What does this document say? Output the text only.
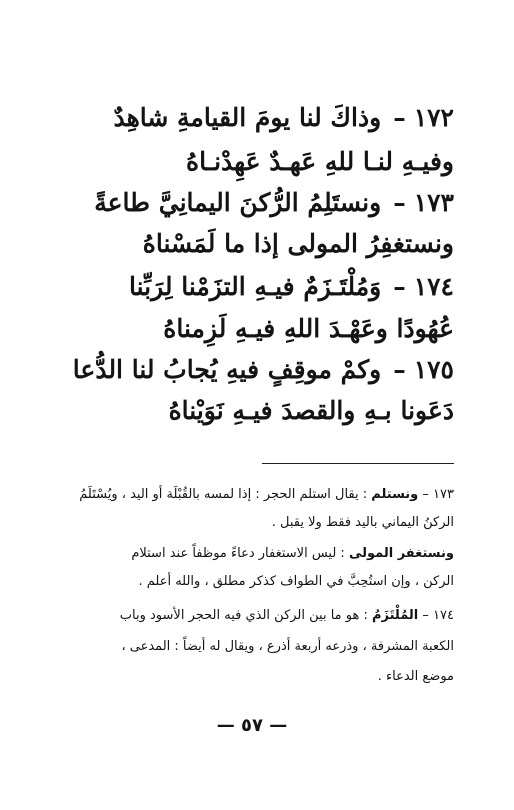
١٧٢–وذاكَ لنا يومَ القيامةِ شاهِدٌ
وفيـهِ لنـا للهِ عَهـدٌ عَهِدْنـاهُ
١٧٣–ونستَلِمُ الرُّكنَ اليمانِيَّ طاعةً
ونستغفِرُ المولى إذا ما لَمَسْناهُ
١٧٤–وَمُلْتَـزَمٌ فيـهِ التزَمْنا لِرَبِّنا
عُهُودًا وعَهْـدَ اللهِ فيـهِ لَزِمناهُ
١٧٥–وكمْ موقِفٍ فيهِ يُجابُ لنا الدُّعا
دَعَونا بـهِ والقصدَ فيـهِ نَوَيْناهُ
١٧٣ – ونستلم : يقال استلم الحجر : إذا لمسه بالقُبْلَة أو اليد ، ويُسْتَلَمُ
الركنُ اليماني باليد فقط ولا يقبل .
ونستغفر المولى : ليس الاستغفار دعاءً موظفاً عند استلام
الركن ، وإن استُحِبَّ في الطواف كذكر مطلق ، والله أعلم .
١٧٤ – المُلْتَزَمُ : هو ما بين الركن الذي فيه الحجر الأسود وباب
الكعبة المشرفة ، وذرعه أربعة أذرع ، ويقال له أيضاً : المدعى ،
موضع الدعاء .
— ٥٧ —
